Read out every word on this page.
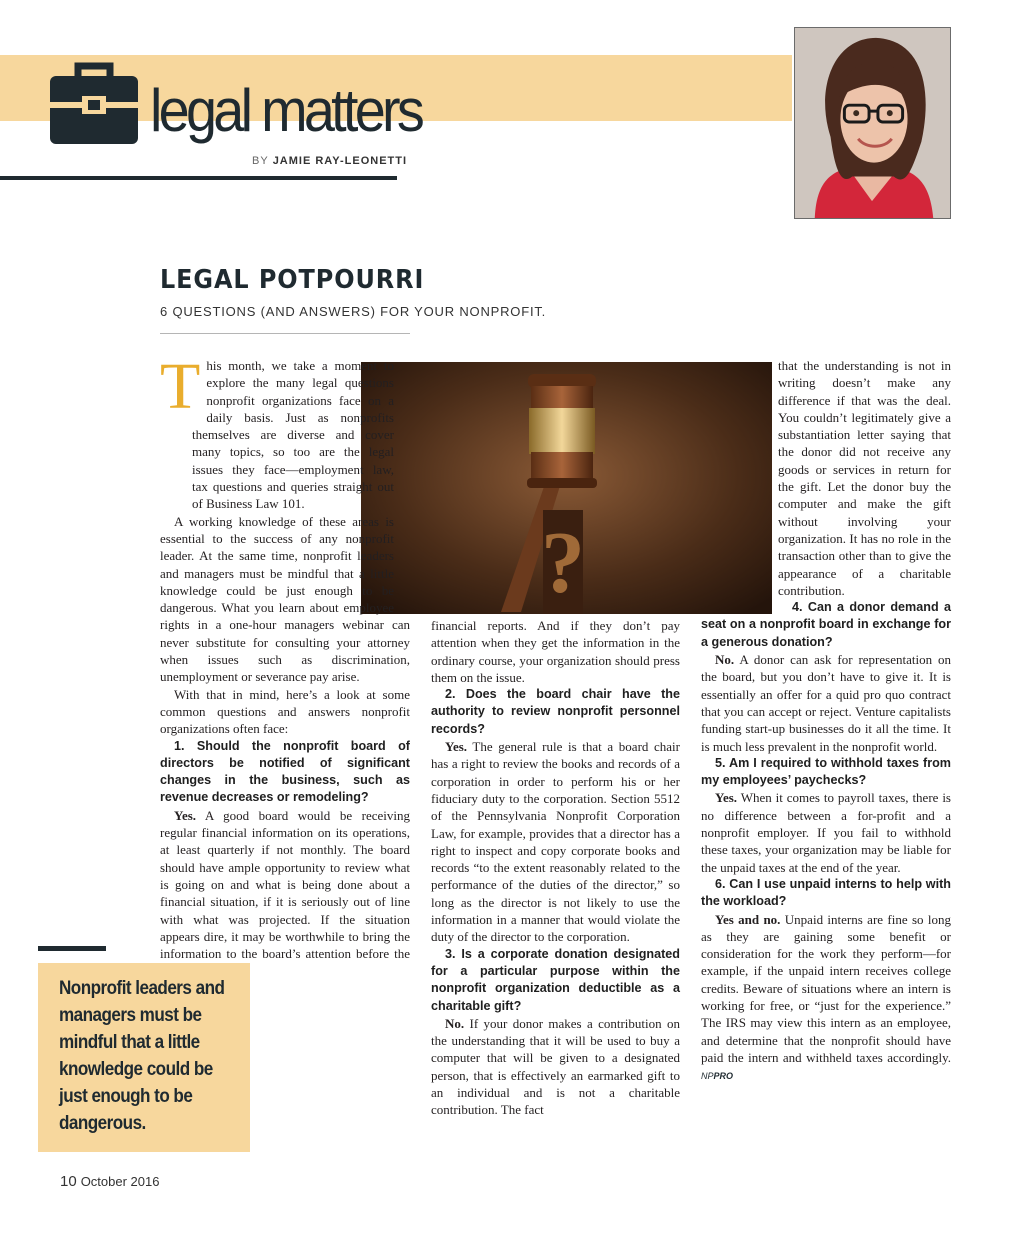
legal matters
BY JAMIE RAY-LEONETTI
LEGAL POTPOURRI
6 QUESTIONS (AND ANSWERS) FOR YOUR NONPROFIT.
?
T his month, we take a moment to explore the many legal questions nonprofit organizations face on a daily basis. Just as nonprofits themselves are diverse and cover many topics, so too are the legal issues they face—employment law, tax questions and queries straight out of Business Law 101.

A working knowledge of these areas is essential to the success of any nonprofit leader. At the same time, nonprofit leaders and managers must be mindful that a little knowledge could be just enough to be dangerous. What you learn about employee rights in a one-hour managers webinar can never substitute for consulting your attorney when issues such as discrimination, unemployment or severance pay arise.

With that in mind, here’s a look at some common questions and answers nonprofit organizations often face:

1. Should the nonprofit board of directors be notified of significant changes in the business, such as revenue decreases or remodeling?

Yes. A good board would be receiving regular financial information on its operations, at least quarterly if not monthly. The board should have ample opportunity to review what is going on and what is being done about a financial situation, if it is seriously out of line with what was projected. If the situation appears dire, it may be worthwhile to bring the information to the board’s attention before the

financial reports. And if they don’t pay attention when they get the information in the ordinary course, your organization should press them on the issue.

2. Does the board chair have the authority to review nonprofit personnel records?

Yes. The general rule is that a board chair has a right to review the books and records of a corporation in order to perform his or her fiduciary duty to the corporation. Section 5512 of the Pennsylvania Nonprofit Corporation Law, for example, provides that a director has a right to inspect and copy corporate books and records “to the extent reasonably related to the performance of the duties of the director,” so long as the director is not likely to use the information in a manner that would violate the duty of the director to the corporation.

3. Is a corporate donation designated for a particular purpose within the nonprofit organization deductible as a charitable gift?

No. If your donor makes a contribution on the understanding that it will be used to buy a computer that will be given to a designated person, that is effectively an earmarked gift to an individual and is not a charitable contribution. The fact

that the understanding is not in writing doesn’t make any difference if that was the deal. You couldn’t legitimately give a substantiation letter saying that the donor did not receive any goods or services in return for the gift. Let the donor buy the computer and make the gift without involving your organization. It has no role in the transaction other than to give the appearance of a charitable contribution.

4. Can a donor demand a seat on a nonprofit board in exchange for a generous donation?

No. A donor can ask for representation on the board, but you don’t have to give it. It is essentially an offer for a quid pro quo contract that you can accept or reject. Venture capitalists funding start-up businesses do it all the time. It is much less prevalent in the nonprofit world.

5. Am I required to withhold taxes from my employees’ paychecks?

Yes. When it comes to payroll taxes, there is no difference between a for-profit and a nonprofit employer. If you fail to withhold these taxes, your organization may be liable for the unpaid taxes at the end of the year.

6. Can I use unpaid interns to help with the workload?

Yes and no. Unpaid interns are fine so long as they are gaining some benefit or consideration for the work they perform—for example, if the unpaid intern receives college credits. Beware of situations where an intern is working for free, or “just for the experience.” The IRS may view this intern as an employee, and determine that the nonprofit should have paid the intern and withheld taxes accordingly. NPPRO

Nonprofit leaders and managers must be mindful that a little knowledge could be just enough to be dangerous.

10 October 2016
